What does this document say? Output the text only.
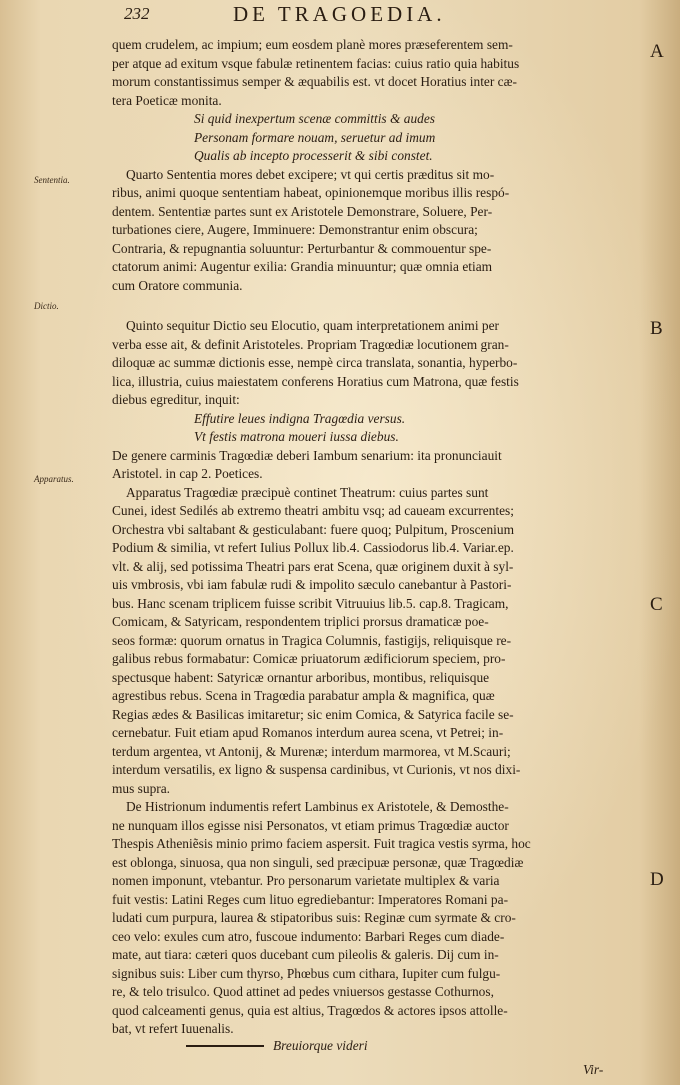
232	DE TRAGOEDIA.
Sententia.
Dictio.
Apparatus.
A
B
C
D
quem crudelem, ac impium; eum eosdem planè mores præseferentem sem-
per atque ad exitum vsque fabulæ retinentem facias: cuius ratio quia habitus
morum constantissimus semper & æquabilis est. vt docet Horatius inter cæ-
tera Poeticæ monita.
Si quid inexpertum scenæ committis & audes
Personam formare nouam, seruetur ad imum
Qualis ab incepto processerit & sibi constet.
Quarto Sententia mores debet excipere; vt qui certis præditus sit mo-
ribus, animi quoque sententiam habeat, opinionemque moribus illis respó-
dentem. Sententiæ partes sunt ex Aristotele Demonstrare, Soluere, Per-
turbationes ciere, Augere, Imminuere: Demonstrantur enim obscura;
Contraria, & repugnantia soluuntur: Perturbantur & commouentur spe-
ctatorum animi: Augentur exilia: Grandia minuuntur; quæ omnia etiam
cum Oratore communia.
Quinto sequitur Dictio seu Elocutio, quam interpretationem animi per
verba esse ait, & definit Aristoteles. Propriam Tragœdiæ locutionem gran-
diloquæ ac summæ dictionis esse, nempè circa translata, sonantia, hyperbo-
lica, illustria, cuius maiestatem conferens Horatius cum Matrona, quæ festis
diebus egreditur, inquit:
Effutire leues indigna Tragœdia versus.
Vt festis matrona moueri iussa diebus.
De genere carminis Tragœdiæ deberi Iambum senarium: ita pronunciauit
Aristotel. in cap 2. Poetices.
Apparatus Tragœdiæ præcipuè continet Theatrum: cuius partes sunt
Cunei, idest Sedilés ab extremo theatri ambitu vsq; ad caueam excurrentes;
Orchestra vbi saltabant & gesticulabant: fuere quoq; Pulpitum, Proscenium
Podium & similia, vt refert Iulius Pollux lib.4. Cassiodorus lib.4. Variar.ep.
vlt. & alij, sed potissima Theatri pars erat Scena, quæ originem duxit à syl-
uis vmbrosis, vbi iam fabulæ rudi & impolito sæculo canebantur à Pastori-
bus. Hanc scenam triplicem fuisse scribit Vitruuius lib.5. cap.8. Tragicam,
Comicam, & Satyricam, respondentem triplici prorsus dramaticæ poe-
seos formæ: quorum ornatus in Tragica Columnis, fastigijs, reliquisque re-
galibus rebus formabatur: Comicæ priuatorum ædificiorum speciem, pro-
spectusque habent: Satyricæ ornantur arboribus, montibus, reliquisque
agrestibus rebus. Scena in Tragœdia parabatur ampla & magnifica, quæ
Regias ædes & Basilicas imitaretur; sic enim Comica, & Satyrica facile se-
cernebatur. Fuit etiam apud Romanos interdum aurea scena, vt Petrei; in-
terdum argentea, vt Antonij, & Murenæ; interdum marmorea, vt M.Scauri;
interdum versatilis, ex ligno & suspensa cardinibus, vt Curionis, vt nos dixi-
mus supra.
De Histrionum indumentis refert Lambinus ex Aristotele, & Demosthe-
ne nunquam illos egisse nisi Personatos, vt etiam primus Tragœdiæ auctor
Thespis Atheniẽsis minio primo faciem aspersit. Fuit tragica vestis syrma, hoc
est oblonga, sinuosa, qua non singuli, sed præcipuæ personæ, quæ Tragœdiæ
nomen imponunt, vtebantur. Pro personarum varietate multiplex & varia
fuit vestis: Latini Reges cum lituo egrediebantur: Imperatores Romani pa-
ludati cum purpura, laurea & stipatoribus suis: Reginæ cum syrmate & cro-
ceo velo: exules cum atro, fuscoue indumento: Barbari Reges cum diade-
mate, aut tiara: cæteri quos ducebant cum pileolis & galeris. Dij cum in-
signibus suis: Liber cum thyrso, Phœbus cum cithara, Iupiter cum fulgu-
re, & telo trisulco. Quod attinet ad pedes vniuersos gestasse Cothurnos,
quod calceamenti genus, quia est altius, Tragœdos & actores ipsos attolle-
bat, vt refert Iuuenalis.
Breuiorque videri
Vir-
